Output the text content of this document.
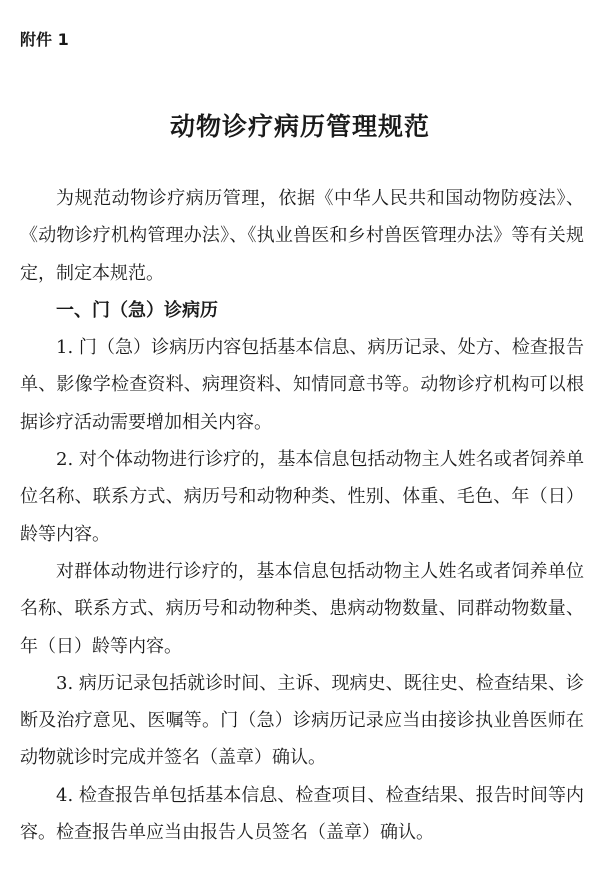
附件 1
动物诊疗病历管理规范

为规范动物诊疗病历管理，依据《中华人民共和国动物防疫法》、《动物诊疗机构管理办法》、《执业兽医和乡村兽医管理办法》等有关规定，制定本规范。

一、门（急）诊病历

1. 门（急）诊病历内容包括基本信息、病历记录、处方、检查报告单、影像学检查资料、病理资料、知情同意书等。动物诊疗机构可以根据诊疗活动需要增加相关内容。

2. 对个体动物进行诊疗的，基本信息包括动物主人姓名或者饲养单位名称、联系方式、病历号和动物种类、性别、体重、毛色、年（日）龄等内容。

对群体动物进行诊疗的，基本信息包括动物主人姓名或者饲养单位名称、联系方式、病历号和动物种类、患病动物数量、同群动物数量、年（日）龄等内容。

3. 病历记录包括就诊时间、主诉、现病史、既往史、检查结果、诊断及治疗意见、医嘱等。门（急）诊病历记录应当由接诊执业兽医师在动物就诊时完成并签名（盖章）确认。

4. 检查报告单包括基本信息、检查项目、检查结果、报告时间等内容。检查报告单应当由报告人员签名（盖章）确认。
